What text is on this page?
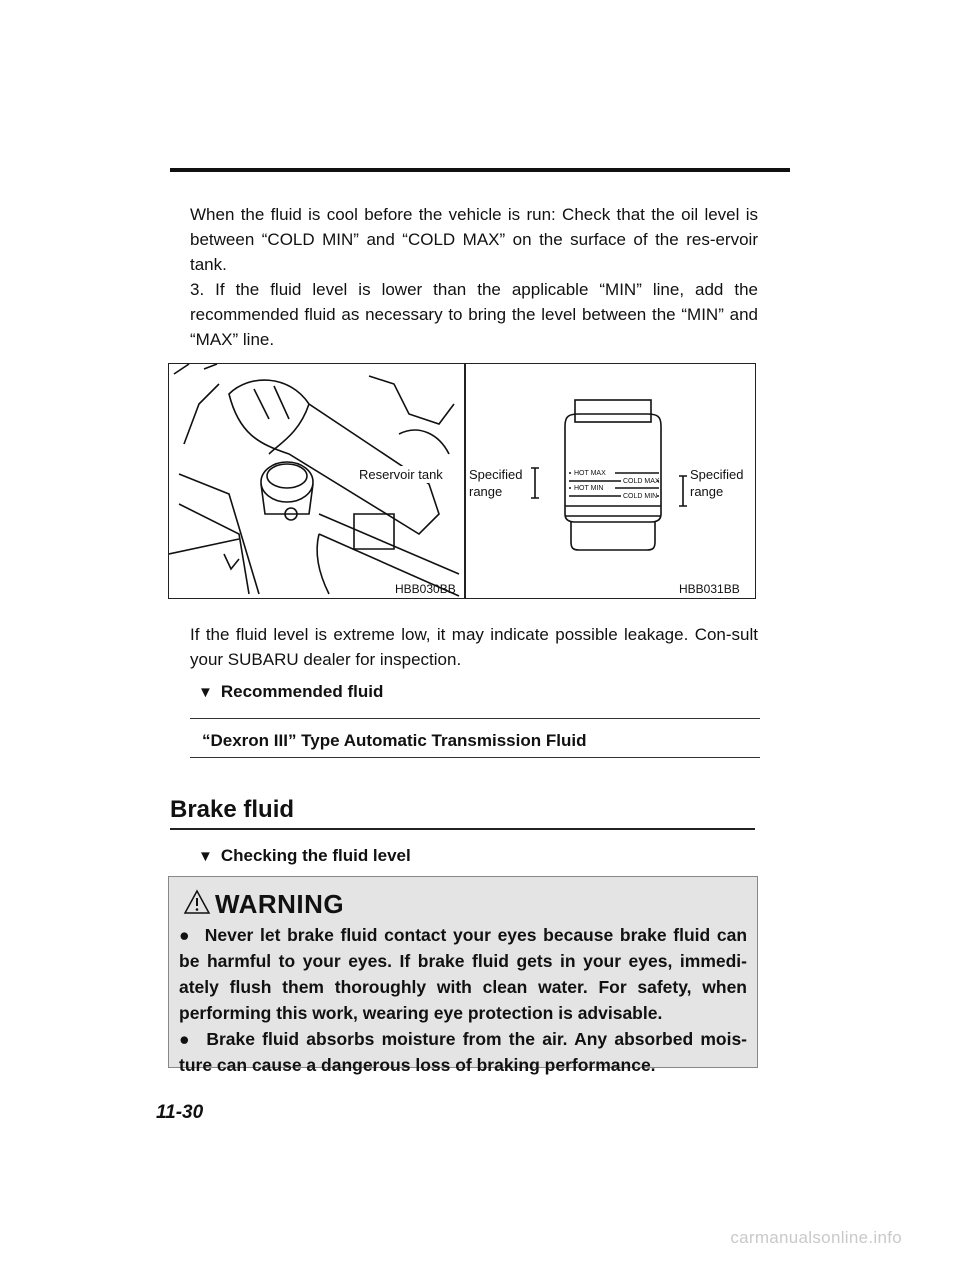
When the fluid is cool before the vehicle is run: Check that the oil level is between “COLD MIN” and “COLD MAX” on the surface of the res-ervoir tank.

3. If the fluid level is lower than the applicable “MIN” line, add the recommended fluid as necessary to bring the level between the “MIN” and “MAX” line.

HOT MAX
HOT MIN
COLD MAX
COLD MIN
Reservoir tank
HBB030BB
Specified
range
Specified
range
HBB031BB
If the fluid level is extreme low, it may indicate possible leakage. Con-sult your SUBARU dealer for inspection.
▼ Recommended fluid
“Dexron III” Type Automatic Transmission Fluid
Brake fluid
▼ Checking the fluid level
WARNING

●  Never let brake fluid contact your eyes because brake fluid can be harmful to your eyes. If brake fluid gets in your eyes, immedi-ately flush them thoroughly with clean water. For safety, when performing this work, wearing eye protection is advisable.

●  Brake fluid absorbs moisture from the air. Any absorbed mois-ture can cause a dangerous loss of braking performance.

11-30
carmanualsonline.info
